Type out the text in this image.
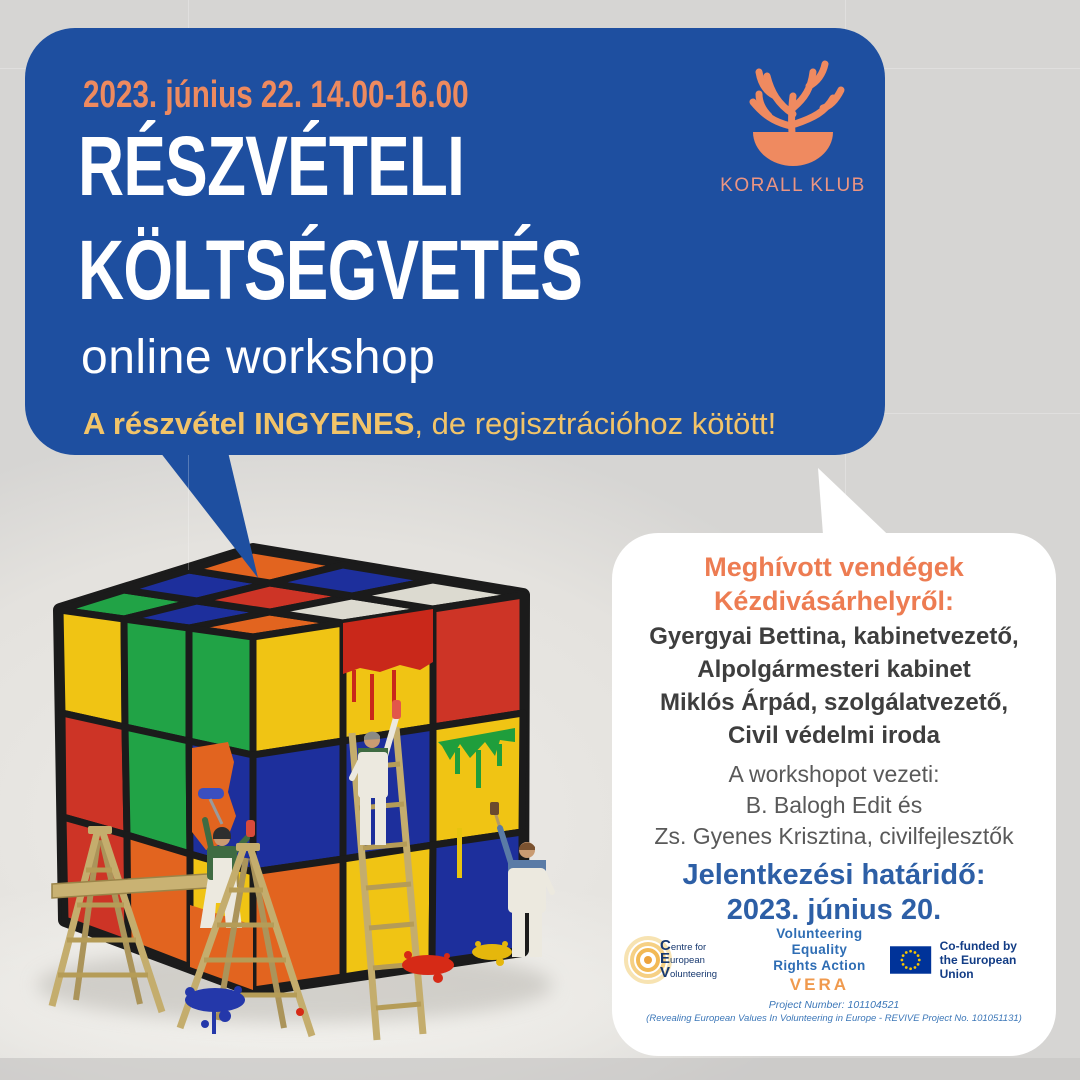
2023. június 22. 14.00-16.00
RÉSZVÉTELI
KÖLTSÉGVETÉS
online workshop
A részvétel INGYENES, de regisztrációhoz kötött!
KORALL KLUB
Meghívott vendégek
Kézdivásárhelyről:
Gyergyai Bettina, kabinetvezető,
Alpolgármesteri kabinet
Miklós Árpád, szolgálatvezető,
Civil védelmi iroda
A workshopot vezeti:
B. Balogh Edit és
Zs. Gyenes Krisztina, civilfejlesztők
Jelentkezési határidő:
2023. június 20.
Centre for
European
Volunteering
Volunteering Equality
Rights Action
VERA
Co-funded by
the European Union
Project Number: 101104521
(Revealing European Values In Volunteering in Europe - REVIVE Project No. 101051131)
